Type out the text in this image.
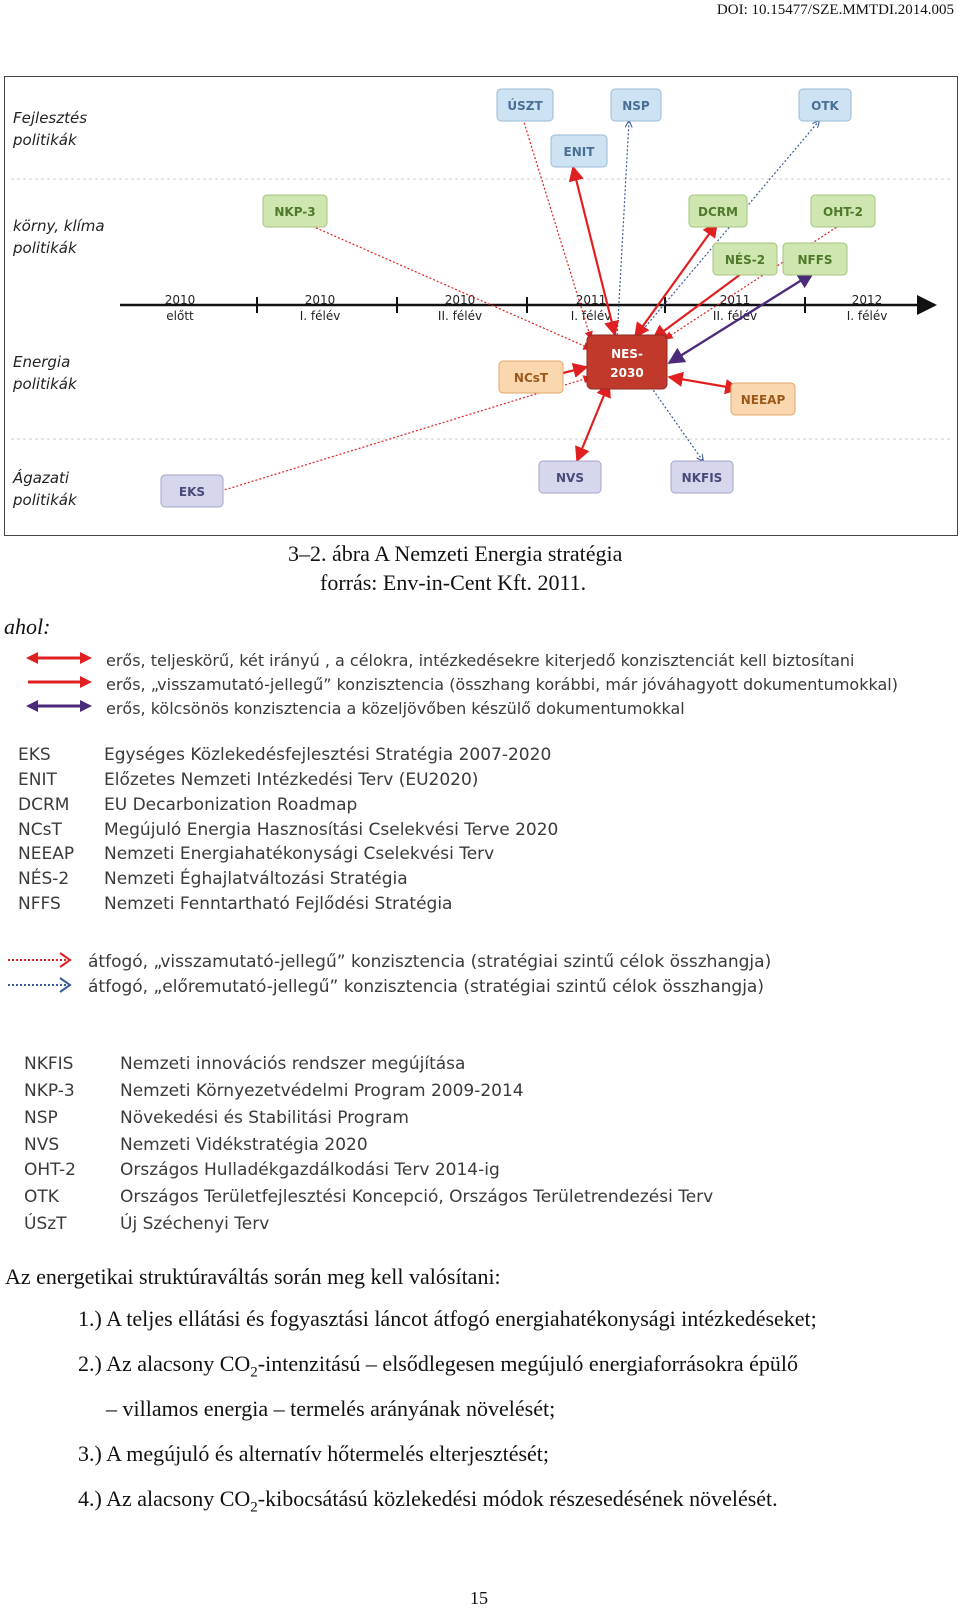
DOI: 10.15477/SZE.MMTDI.2014.005
Fejlesztés
politikák
körny, klíma
politikák
Energia
politikák
Ágazati
politikák
2010
előtt
2010
I. félév
2010
II. félév
2011
I. félév
2011
II. félév
2012
I. félév
ÚSZT	NSP	OTK
ENIT
NKP-3	DCRM	OHT-2
NÉS-2	NFFS
NES-
2030
NCsT
NEEAP
EKS
NVS	NKFIS
3–2. ábra A Nemzeti Energia stratégia
forrás: Env-in-Cent Kft. 2011.
ahol:
erős, teljeskörű, két irányú , a célokra, intézkedésekre kiterjedő konzisztenciát kell biztosítani
erős, „visszamutató-jellegű” konzisztencia (összhang korábbi, már jóváhagyott dokumentumokkal)
erős, kölcsönös konzisztencia a közeljövőben készülő dokumentumokkal
EKS	Egységes Közlekedésfejlesztési Stratégia 2007-2020
ENIT	Előzetes Nemzeti Intézkedési Terv (EU2020)
DCRM EU Decarbonization Roadmap
NCsT Megújuló Energia Hasznosítási Cselekvési Terve 2020
NEEAP Nemzeti Energiahatékonysági Cselekvési Terv
NÉS-2 Nemzeti Éghajlatváltozási Stratégia
NFFS	Nemzeti Fenntartható Fejlődési Stratégia
átfogó, „visszamutató-jellegű” konzisztencia (stratégiai szintű célok összhangja)
átfogó, „előremutató-jellegű” konzisztencia (stratégiai szintű célok összhangja)
NKFIS	Nemzeti innovációs rendszer megújítása
NKP-3	Nemzeti Környezetvédelmi Program 2009-2014
NSP	Növekedési és Stabilitási Program
NVS	Nemzeti Vidékstratégia 2020
OHT-2	Országos Hulladékgazdálkodási Terv 2014-ig
OTK	Országos Területfejlesztési Koncepció, Országos Területrendezési Terv
ÚSzT	Új Széchenyi Terv
Az energetikai struktúraváltás során meg kell valósítani:
1.) A teljes ellátási és fogyasztási láncot átfogó energiahatékonysági intézkedéseket;
2.) Az alacsony $CO_2$-intenzitású – elsődlegesen megújuló energiaforrásokra épülő
– villamos energia – termelés arányának növelését;
3.) A megújuló és alternatív hőtermelés elterjesztését;
4.) Az alacsony $CO_2$-kibocsátású közlekedési módok részesedésének növelését.
15
